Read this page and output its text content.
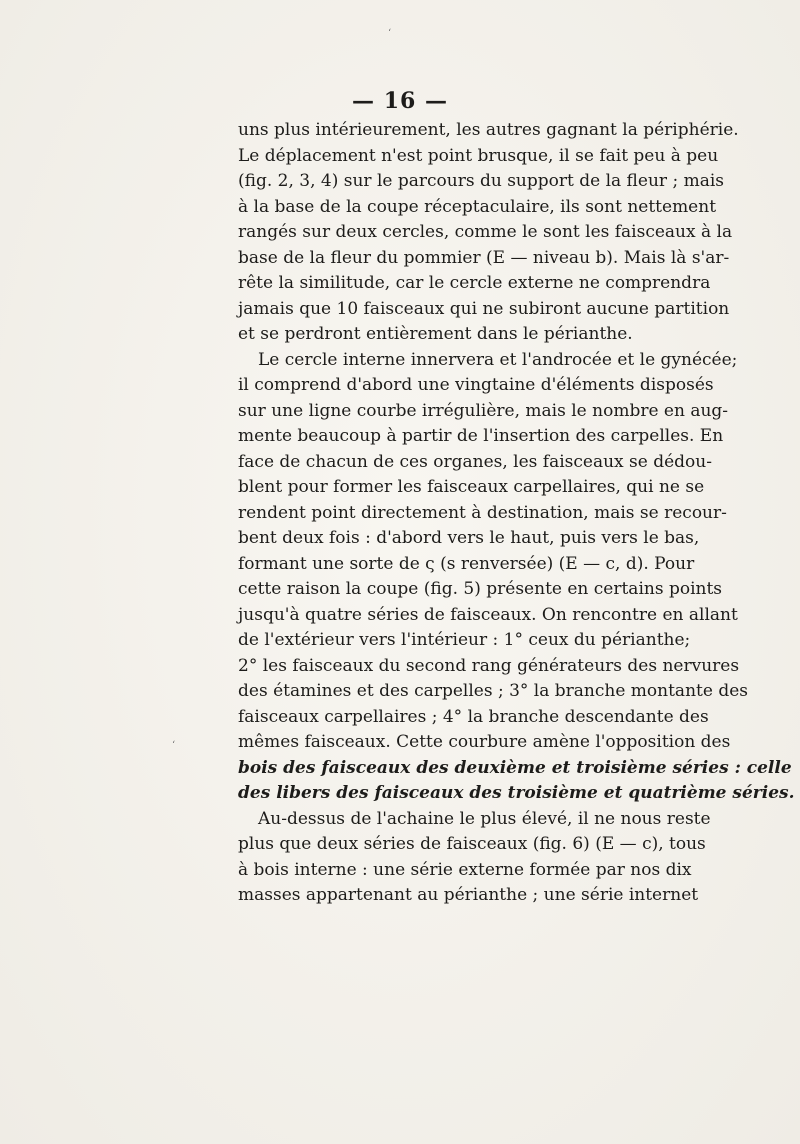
‘
— 16 —
uns plus intérieurement, les autres gagnant la périphérie.
Le déplacement n'est point brusque, il se fait peu à peu
(fig. 2, 3, 4) sur le parcours du support de la fleur ; mais
à la base de la coupe réceptaculaire, ils sont nettement
rangés sur deux cercles, comme le sont les faisceaux à la
base de la fleur du pommier (E — niveau b). Mais là s'ar-
rête la similitude, car le cercle externe ne comprendra
jamais que 10 faisceaux qui ne subiront aucune partition
et se perdront entièrement dans le périanthe.
Le cercle interne innervera et l'androcée et le gynécée;
il comprend d'abord une vingtaine d'éléments disposés
sur une ligne courbe irrégulière, mais le nombre en aug-
mente beaucoup à partir de l'insertion des carpelles. En
face de chacun de ces organes, les faisceaux se dédou-
blent pour former les faisceaux carpellaires, qui ne se
rendent point directement à destination, mais se recour-
bent deux fois : d'abord vers le haut, puis vers le bas,
formant une sorte de ς (s renversée) (E — c, d). Pour
cette raison la coupe (fig. 5) présente en certains points
jusqu'à quatre séries de faisceaux. On rencontre en allant
de l'extérieur vers l'intérieur : 1° ceux du périanthe;
2° les faisceaux du second rang générateurs des nervures
des étamines et des carpelles ; 3° la branche montante des
faisceaux carpellaires ; 4° la branche descendante des
mêmes faisceaux. Cette courbure amène l'opposition des
bois des faisceaux des deuxième et troisième séries : celle
des libers des faisceaux des troisième et quatrième séries.
Au-dessus de l'achaine le plus élevé, il ne nous reste
plus que deux séries de faisceaux (fig. 6) (E — c), tous
à bois interne : une série externe formée par nos dix
masses appartenant au périanthe ; une série internet
‘
